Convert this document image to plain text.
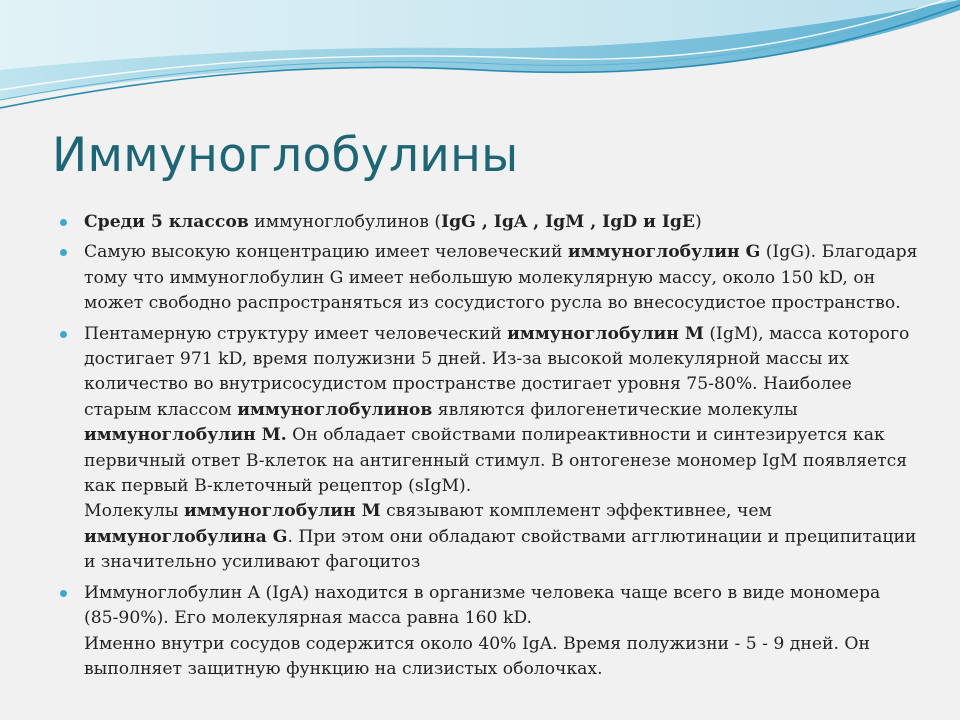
Иммуноглобулины
Среди 5 классов иммуноглобулинов (IgG , IgA , IgM , IgD и IgE)
Самую высокую концентрацию имеет человеческий иммуноглобулин G (IgG). Благодаря тому что иммуноглобулин G имеет небольшую молекулярную массу, около 150 kD, он может свободно распространяться из сосудистого русла во внесосудистое пространство.
Пентамерную структуру имеет человеческий иммуноглобулин M (IgM), масса которого достигает 971 kD, время полужизни 5 дней. Из-за высокой молекулярной массы их количество во внутрисосудистом пространстве достигает уровня 75-80%. Наиболее старым классом иммуноглобулинов являются филогенетические молекулы иммуноглобулин M. Он обладает свойствами полиреактивности и синтезируется как первичный ответ B-клеток на антигенный стимул. В онтогенезе мономер IgM появляется как первый B-клеточный рецептор (sIgM).
Молекулы иммуноглобулин M связывают комплемент эффективнее, чем иммуноглобулина G. При этом они обладают свойствами агглютинации и преципитации и значительно усиливают фагоцитоз
Иммуноглобулин A (IgA) находится в организме человека чаще всего в виде мономера (85-90%). Его молекулярная масса равна 160 kD.
Именно внутри сосудов содержится около 40% IgA. Время полужизни - 5 - 9 дней. Он выполняет защитную функцию на слизистых оболочках.
